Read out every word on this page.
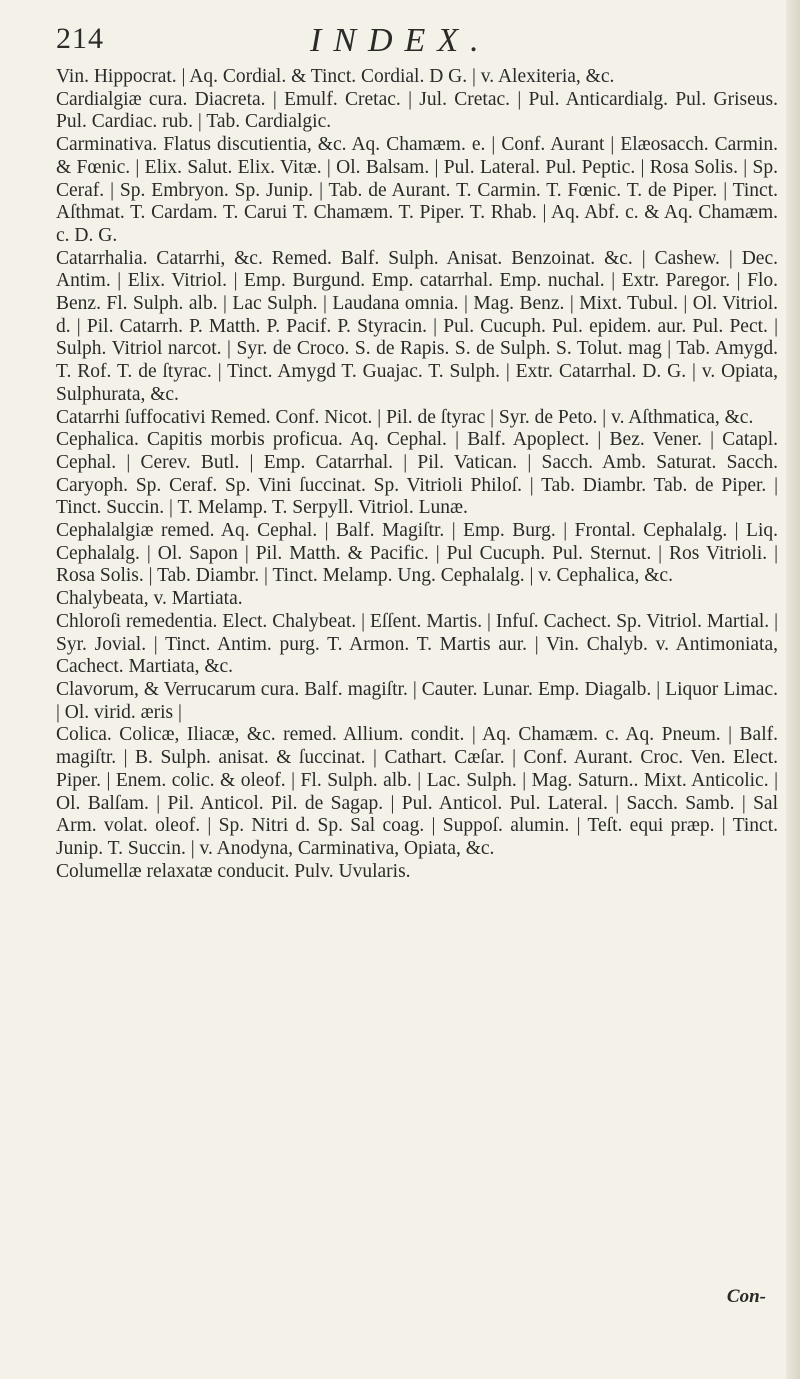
214	INDEX.

Vin. Hippocrat. | Aq. Cordial. & Tinct. Cordial. D G. | v. Alexiteria, &c.

Cardialgiæ cura. Diacreta. | Emulf. Cretac. | Jul. Cretac. | Pul. Anticardialg. Pul. Griseus. Pul. Cardiac. rub. | Tab. Cardialgic.

Carminativa. Flatus discutientia, &c. Aq. Chamæm. e. | Conf. Aurant | Elæosacch. Carmin. & Fœnic. | Elix. Salut. Elix. Vitæ. | Ol. Balsam. | Pul. Lateral. Pul. Peptic. | Rosa Solis. | Sp. Ceraf. | Sp. Embryon. Sp. Junip. | Tab. de Aurant. T. Carmin. T. Fœnic. T. de Piper. | Tinct. Aſthmat. T. Cardam. T. Carui T. Chamæm. T. Piper. T. Rhab. | Aq. Abf. c. & Aq. Chamæm. c. D. G.

Catarrhalia. Catarrhi, &c. Remed. Balf. Sulph. Anisat. Benzoinat. &c. | Cashew. | Dec. Antim. | Elix. Vitriol. | Emp. Burgund. Emp. catarrhal. Emp. nuchal. | Extr. Paregor. | Flo. Benz. Fl. Sulph. alb. | Lac Sulph. | Laudana omnia. | Mag. Benz. | Mixt. Tubul. | Ol. Vitriol. d. | Pil. Catarrh. P. Matth. P. Pacif. P. Styracin. | Pul. Cucuph. Pul. epidem. aur. Pul. Pect. | Sulph. Vitriol narcot. | Syr. de Croco. S. de Rapis. S. de Sulph. S. Tolut. mag | Tab. Amygd. T. Rof. T. de ſtyrac. | Tinct. Amygd T. Guajac. T. Sulph. | Extr. Catarrhal. D. G. | v. Opiata, Sulphurata, &c.

Catarrhi ſuffocativi Remed. Conf. Nicot. | Pil. de ſtyrac | Syr. de Peto. | v. Aſthmatica, &c.

Cephalica. Capitis morbis proficua. Aq. Cephal. | Balf. Apoplect. | Bez. Vener. | Catapl. Cephal. | Cerev. Butl. | Emp. Catarrhal. | Pil. Vatican. | Sacch. Amb. Saturat. Sacch. Caryoph. Sp. Ceraf. Sp. Vini ſuccinat. Sp. Vitrioli Philoſ. | Tab. Diambr. Tab. de Piper. | Tinct. Succin. | T. Melamp. T. Serpyll. Vitriol. Lunæ.

Cephalalgiæ remed. Aq. Cephal. | Balf. Magiſtr. | Emp. Burg. | Frontal. Cephalalg. | Liq. Cephalalg. | Ol. Sapon | Pil. Matth. & Pacific. | Pul Cucuph. Pul. Sternut. | Ros Vitrioli. | Rosa Solis. | Tab. Diambr. | Tinct. Melamp. Ung. Cephalalg. | v. Cephalica, &c.

Chalybeata, v. Martiata.

Chloroſi remedentia. Elect. Chalybeat. | Eſſent. Martis. | Infuſ. Cachect. Sp. Vitriol. Martial. | Syr. Jovial. | Tinct. Antim. purg. T. Armon. T. Martis aur. | Vin. Chalyb. v. Antimoniata, Cachect. Martiata, &c.

Clavorum, & Verrucarum cura. Balf. magiſtr. | Cauter. Lunar. Emp. Diagalb. | Liquor Limac. | Ol. virid. æris |

Colica. Colicæ, Iliacæ, &c. remed. Allium. condit. | Aq. Chamæm. c. Aq. Pneum. | Balf. magiſtr. | B. Sulph. anisat. & ſuccinat. | Cathart. Cæſar. | Conf. Aurant. Croc. Ven. Elect. Piper. | Enem. colic. & oleof. | Fl. Sulph. alb. | Lac. Sulph. | Mag. Saturn.. Mixt. Anticolic. | Ol. Balſam. | Pil. Anticol. Pil. de Sagap. | Pul. Anticol. Pul. Lateral. | Sacch. Samb. | Sal Arm. volat. oleof. | Sp. Nitri d. Sp. Sal coag. | Suppoſ. alumin. | Teſt. equi præp. | Tinct. Junip. T. Succin. | v. Anodyna, Carminativa, Opiata, &c.

Columellæ relaxatæ conducit. Pulv. Uvularis.

Con-
